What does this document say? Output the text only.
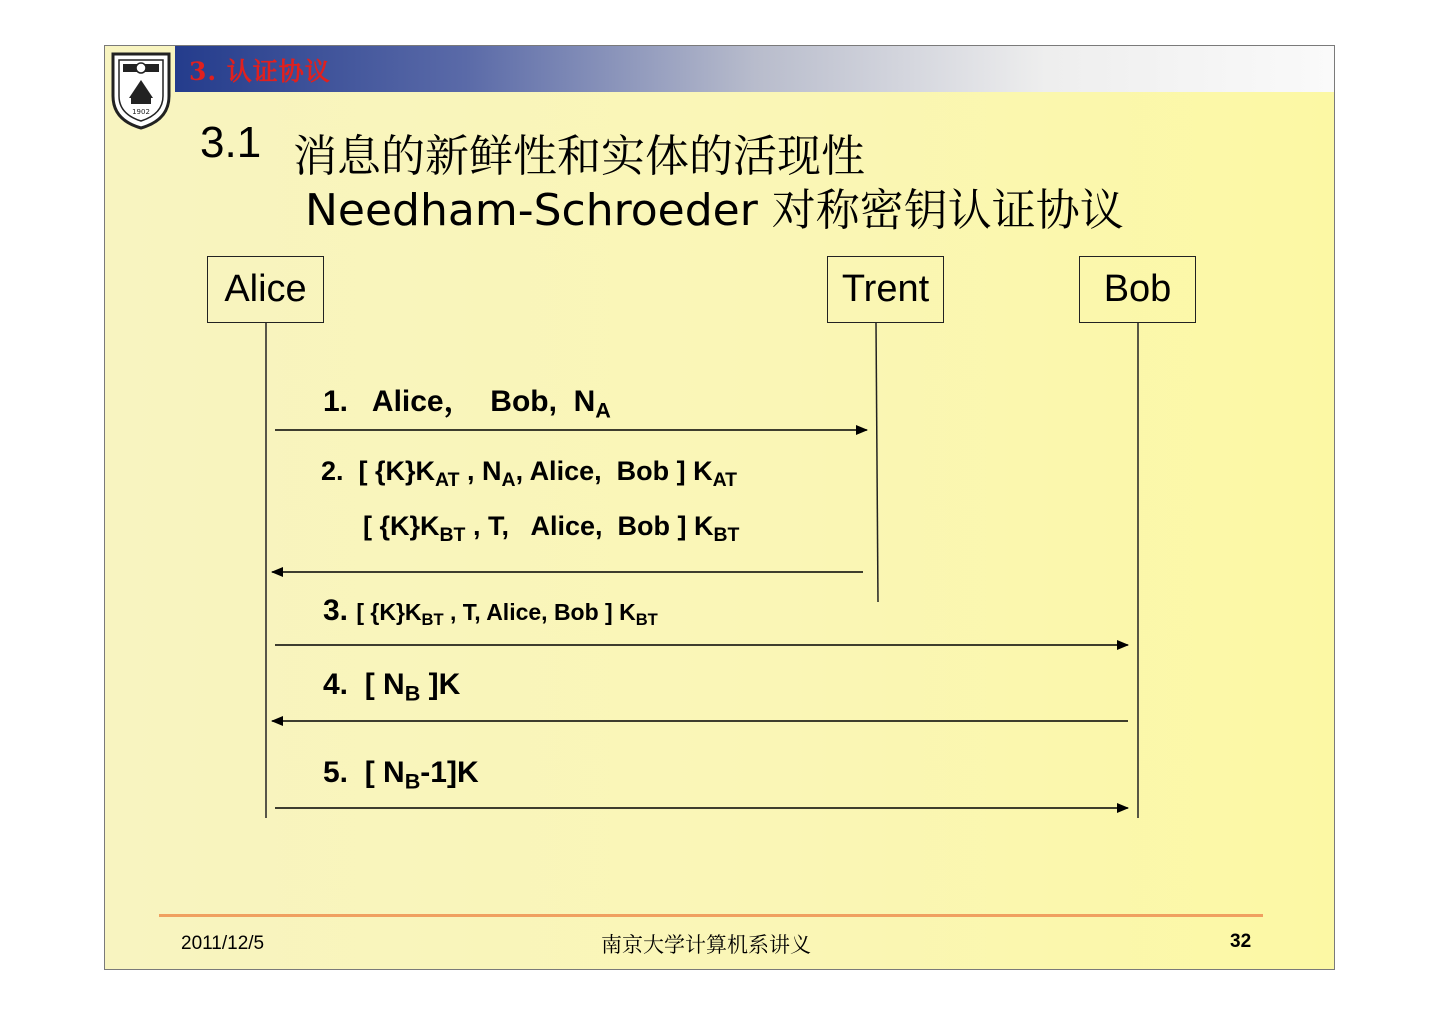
1902
3. 认证协议
3.1 消息的新鲜性和实体的活现性
Needham-Schroeder 对称密钥认证协议
Alice	Trent	Bob
1.   Alice，  Bob,  $N_A$
2.  [ $\{K\}K_{AT}$ , $N_A$, Alice,  Bob ] $K_{AT}$
[ $\{K\}K_{BT}$ , T,   Alice,  Bob ] $K_{BT}$
3. [ $\{K\}K_{BT}$ , T, Alice, Bob ] $K_{BT}$
4.  [ $N_B$ ]K
5.  [ $N_B-1]K$
2011/12/5	南京大学计算机系讲义	32
